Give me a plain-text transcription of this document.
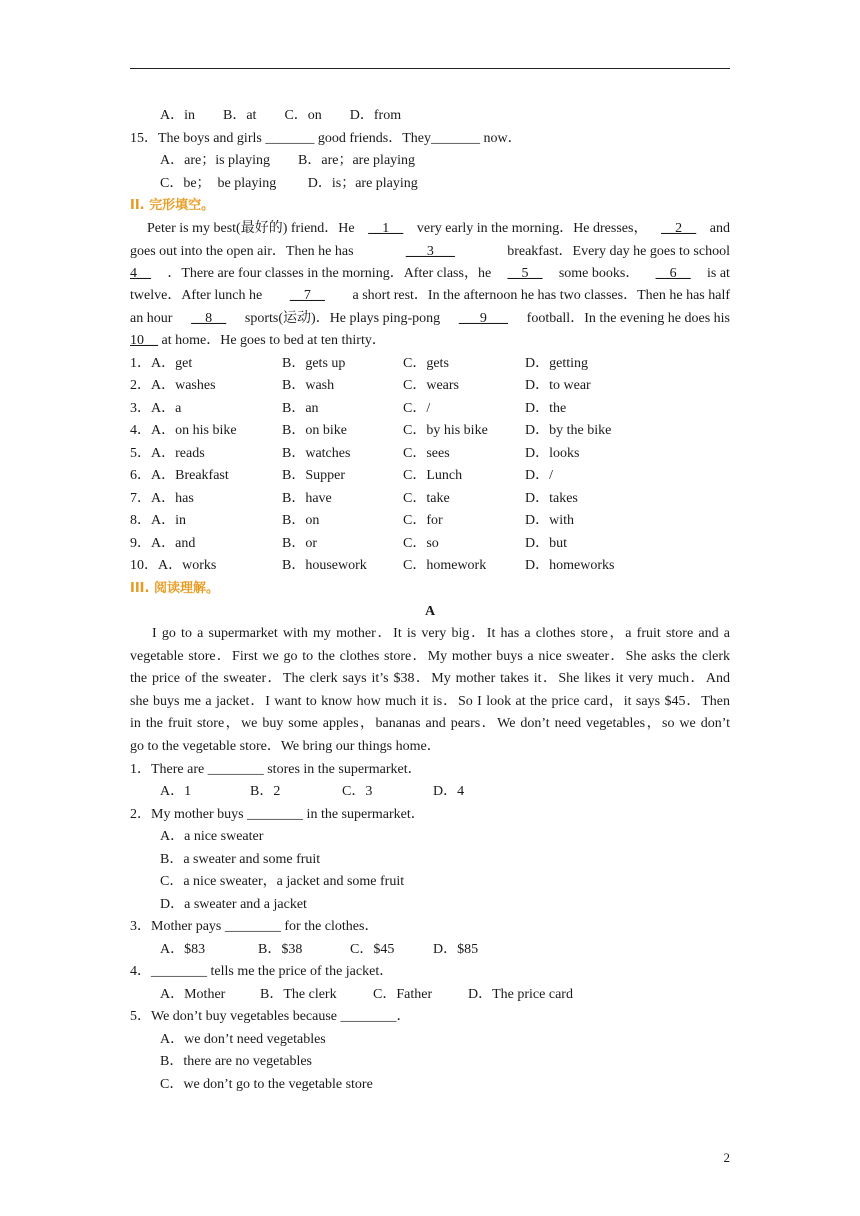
A．in　　B．at　　C．on　　D．from
15．The boys and girls _______ good friends．They_______ now．
A．are；is playing　　B．are；are playing
C．be；　be playing　　 D．is；are playing
II. 完形填空。
Peter is my best(最好的) friend．He __1__ very early in the morning．He dresses， __2__ and
goes out into the open air．Then he has	___3___	breakfast．Every day he goes to school
4__ ．There are four classes in the morning．After class，he __5__ some books． __6__ is at
twelve．After lunch he __7__ a short rest．In the afternoon he has two classes．Then he has half
an hour __8__ sports(运动)．He plays ping-pong ___9___ football．In the evening he does his
10__ at home．He goes to bed at ten thirty．
1．A．get	B．gets up	C．gets	D．getting
2．A．washes	B．wash	C．wears	D．to wear
3．A．a	B．an	C．/	D．the
4．A．on his bike	B．on bike	C．by his bike	D．by the bike
5．A．reads	B．watches	C．sees	D．looks
6．A．Breakfast	B．Supper	C．Lunch	D．/
7．A．has	B．have	C．take	D．takes
8．A．in	B．on	C．for	D．with
9．A．and	B．or	C．so	D．but
10．A．works	B．housework	C．homework	D．homeworks
III. 阅读理解。
A
I go to a supermarket with my mother．It is very big．It has a clothes store，a fruit store and a
vegetable store．First we go to the clothes store．My mother buys a nice sweater．She asks the clerk
the price of the sweater．The clerk says it’s $38．My mother takes it．She likes it very much．And
she buys me a jacket．I want to know how much it is．So I look at the price card，it says $45．Then
in the fruit store，we buy some apples，bananas and pears．We don’t need vegetables，so we don’t
go to the vegetable store．We bring our things home．
1．There are ________ stores in the supermarket．
A．1	B．2	C．3	D．4
2．My mother buys ________ in the supermarket．
A．a nice sweater
B．a sweater and some fruit
C．a nice sweater，a jacket and some fruit
D．a sweater and a jacket
3．Mother pays ________ for the clothes．
A．$83	B．$38	C．$45	D．$85
4．________ tells me the price of the jacket．
A．Mother B．The clerk	C．Father	D．The price card
5．We don’t buy vegetables because ________．
A．we don’t need vegetables
B．there are no vegetables
C．we don’t go to the vegetable store
2
